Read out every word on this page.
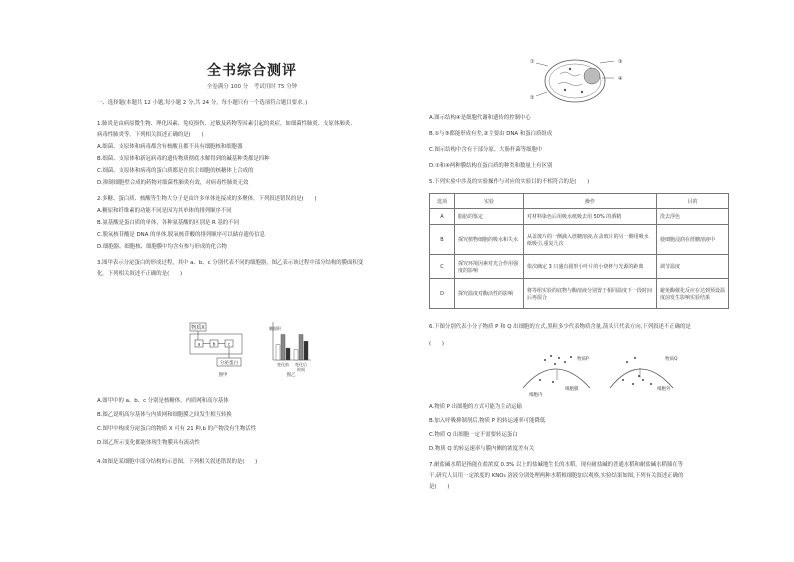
全书综合测评
全卷满分 100 分　考试用时 75 分钟
一、选择题(本题共 12 小题,每小题 2 分,共 24 分。每小题只有一个选项符合题目要求。)
1.肺炎是由病原微生物、理化因素、免疫损伤、过敏及药物等因素引起的炎症，如细菌性肺炎、支原体肺炎、
病毒性肺炎等。下列相关叙述正确的是(　　)
A.细菌、支原体和病毒都含有核酸且都不具有细胞核和细胞器
B.细菌、支原体和新冠病毒的遗传物质彻底水解得到的碱基种类都是四种
C.细菌、支原体和病毒的蛋白质都是在宿主细胞的核糖体上合成的
D.抑制细胞壁合成的药物对细菌性肺炎有效，对病毒性肺炎无效
2.多糖、蛋白质、核酸等生物大分子是由许多单体连接成的多聚体。下列叙述错误的是(　　)
A.糖原和纤维素的功能不同是因为其单体的排列顺序不同
B.氨基酸是蛋白质的单体，各种氨基酸的区别是 R 基的不同
C.脱氧核苷酸是 DNA 的单体,脱氧核苷酸的排列顺序可以储存遗传信息
D.细胞器、细胞核、细胞膜中均含有参与形成的化合物
3.图甲表示分泌蛋白的形成过程，其中 a、b、c 分别代表不同的细胞器，图乙表示该过程中部分结构的膜面积变
化。下列相关叙述不正确的是(　　)
物质X
a	b	c
分泌蛋白
图甲
膜面积
变化前 变化后
时间
图乙
A.图甲中的 a、b、c 分别是核糖体、内质网和高尔基体
B.图乙说明高尔基体与内质网和细胞膜之间发生相互转换
C.图甲中构成分泌蛋白的物质 X 可有 21 种,b 的产物没有生物活性
D.图乙所示变化都能体现生物膜具有流动性
4.如图是某细胞中部分结构的示意图，下列相关叙述错误的是(　　)
③
④
①
②
A.图示结构④是细胞代谢和遗传的控制中心
B.①与③都能形成有差,②主要由 DNA 和蛋白质组成
C.图示结构中含有于部分原、大肠杆菌等细胞中
D.①和④两种膜结构在蛋白质的种类和数量上有区别
5.下列实验中涉及的实验操作与对应的实验目的不相符合的是(　　)
选项	实验	操作	目的
A	脂肪的鉴定	对材料染色后用吸水纸吸去用 50% 的酒精	洗去浮色
B	探究植物细胞的吸水和失水	从盖玻片的一侧滴入蔗糖溶液,在盖玻片的另一侧用吸水纸吸引,重复几次	使细胞浸润在蔗糖溶液中
C	探究环境因素对光合作用强度的影响	依次确定 3 只盛有圆形小叶片的小烧杯与光源的距离	调节温度
D	探究温度对酶活性的影响	将等组实验的底物与酶溶液分别置于相同温度下一段时间后再混合	避免酶催化反应在达到预设温度前发生影响实验结果
6.下图分别代表小分子物质 P 和 Q 出细胞的方式,黑粒多少代表物质含量,箭头只代表方向,下列叙述不正确的是
(　　)
物质P	物质Q
细胞膜	细胞外
细胞内
A.物质 P 出细胞的方式可能为主动运输
B.加入呼吸抑制剂后,物质 P 的转运速率可能降低
C.物质 Q 出细胞一定不需要转运蛋白
D.物质 Q 的转运速率与膜内侧的浓度差有关
7.耐盐碱水稻是指能在盐浓度 0.3% 以上的盐碱地生长的水稻。现有耐盐碱的普通水稻和耐盐碱水稻插在等
干,研究人员用一定浓度的 KNO₃ 溶液分别处理两种水稻根细胞加以观察,实验结果如图,下列有关叙述正确的
是(　　)
